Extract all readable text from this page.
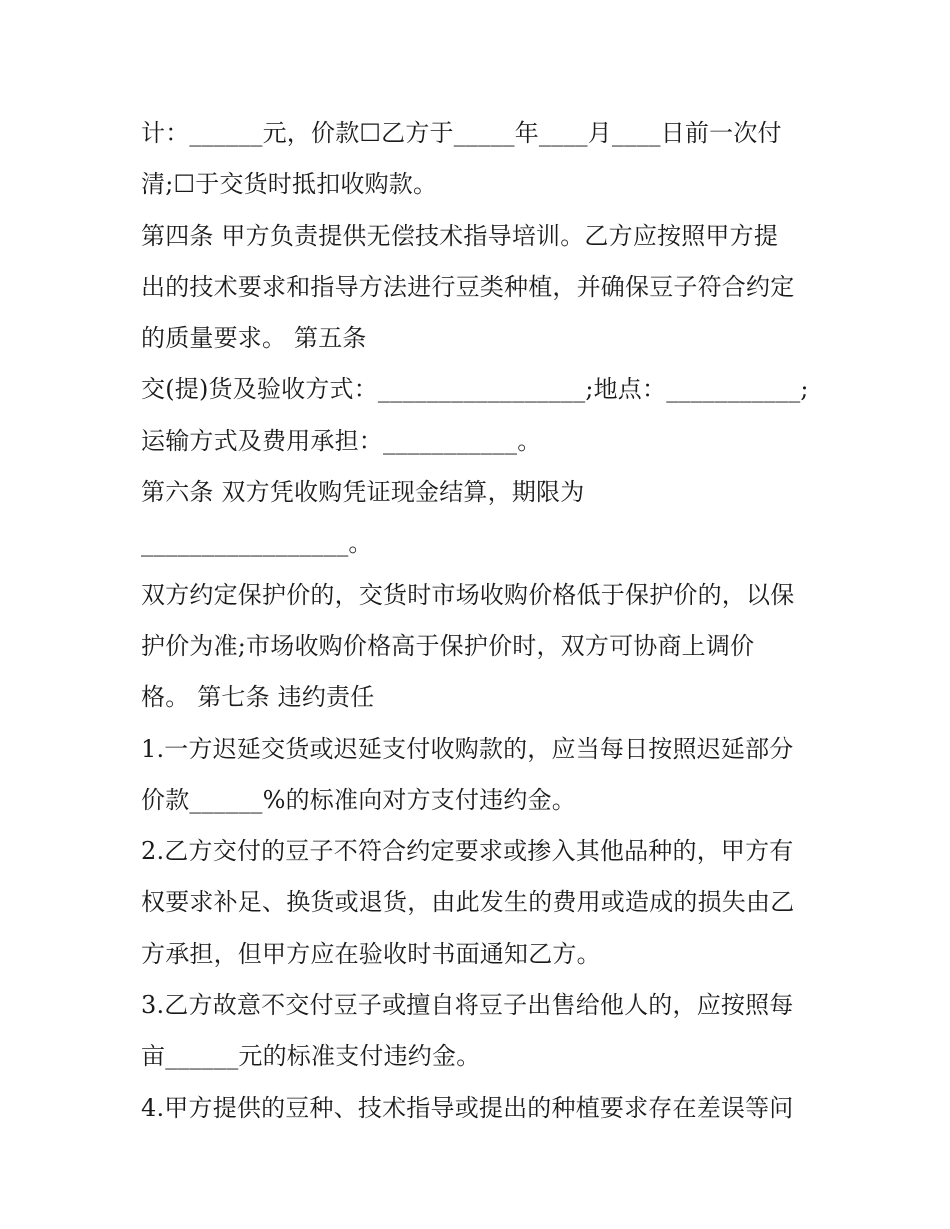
计：______元，价款☐乙方于_____年____月____日前一次付
清;☐于交货时抵扣收购款。
第四条 甲方负责提供无偿技术指导培训。乙方应按照甲方提
出的技术要求和指导方法进行豆类种植，并确保豆子符合约定
的质量要求。 第五条
交(提)货及验收方式：_________________;地点：___________;
运输方式及费用承担：___________。
第六条 双方凭收购凭证现金结算，期限为
_________________。
双方约定保护价的，交货时市场收购价格低于保护价的，以保
护价为准;市场收购价格高于保护价时，双方可协商上调价
格。 第七条 违约责任
1.一方迟延交货或迟延支付收购款的，应当每日按照迟延部分
价款______%的标准向对方支付违约金。
2.乙方交付的豆子不符合约定要求或掺入其他品种的，甲方有
权要求补足、换货或退货，由此发生的费用或造成的损失由乙
方承担，但甲方应在验收时书面通知乙方。
3.乙方故意不交付豆子或擅自将豆子出售给他人的，应按照每
亩______元的标准支付违约金。
4.甲方提供的豆种、技术指导或提出的种植要求存在差误等问
